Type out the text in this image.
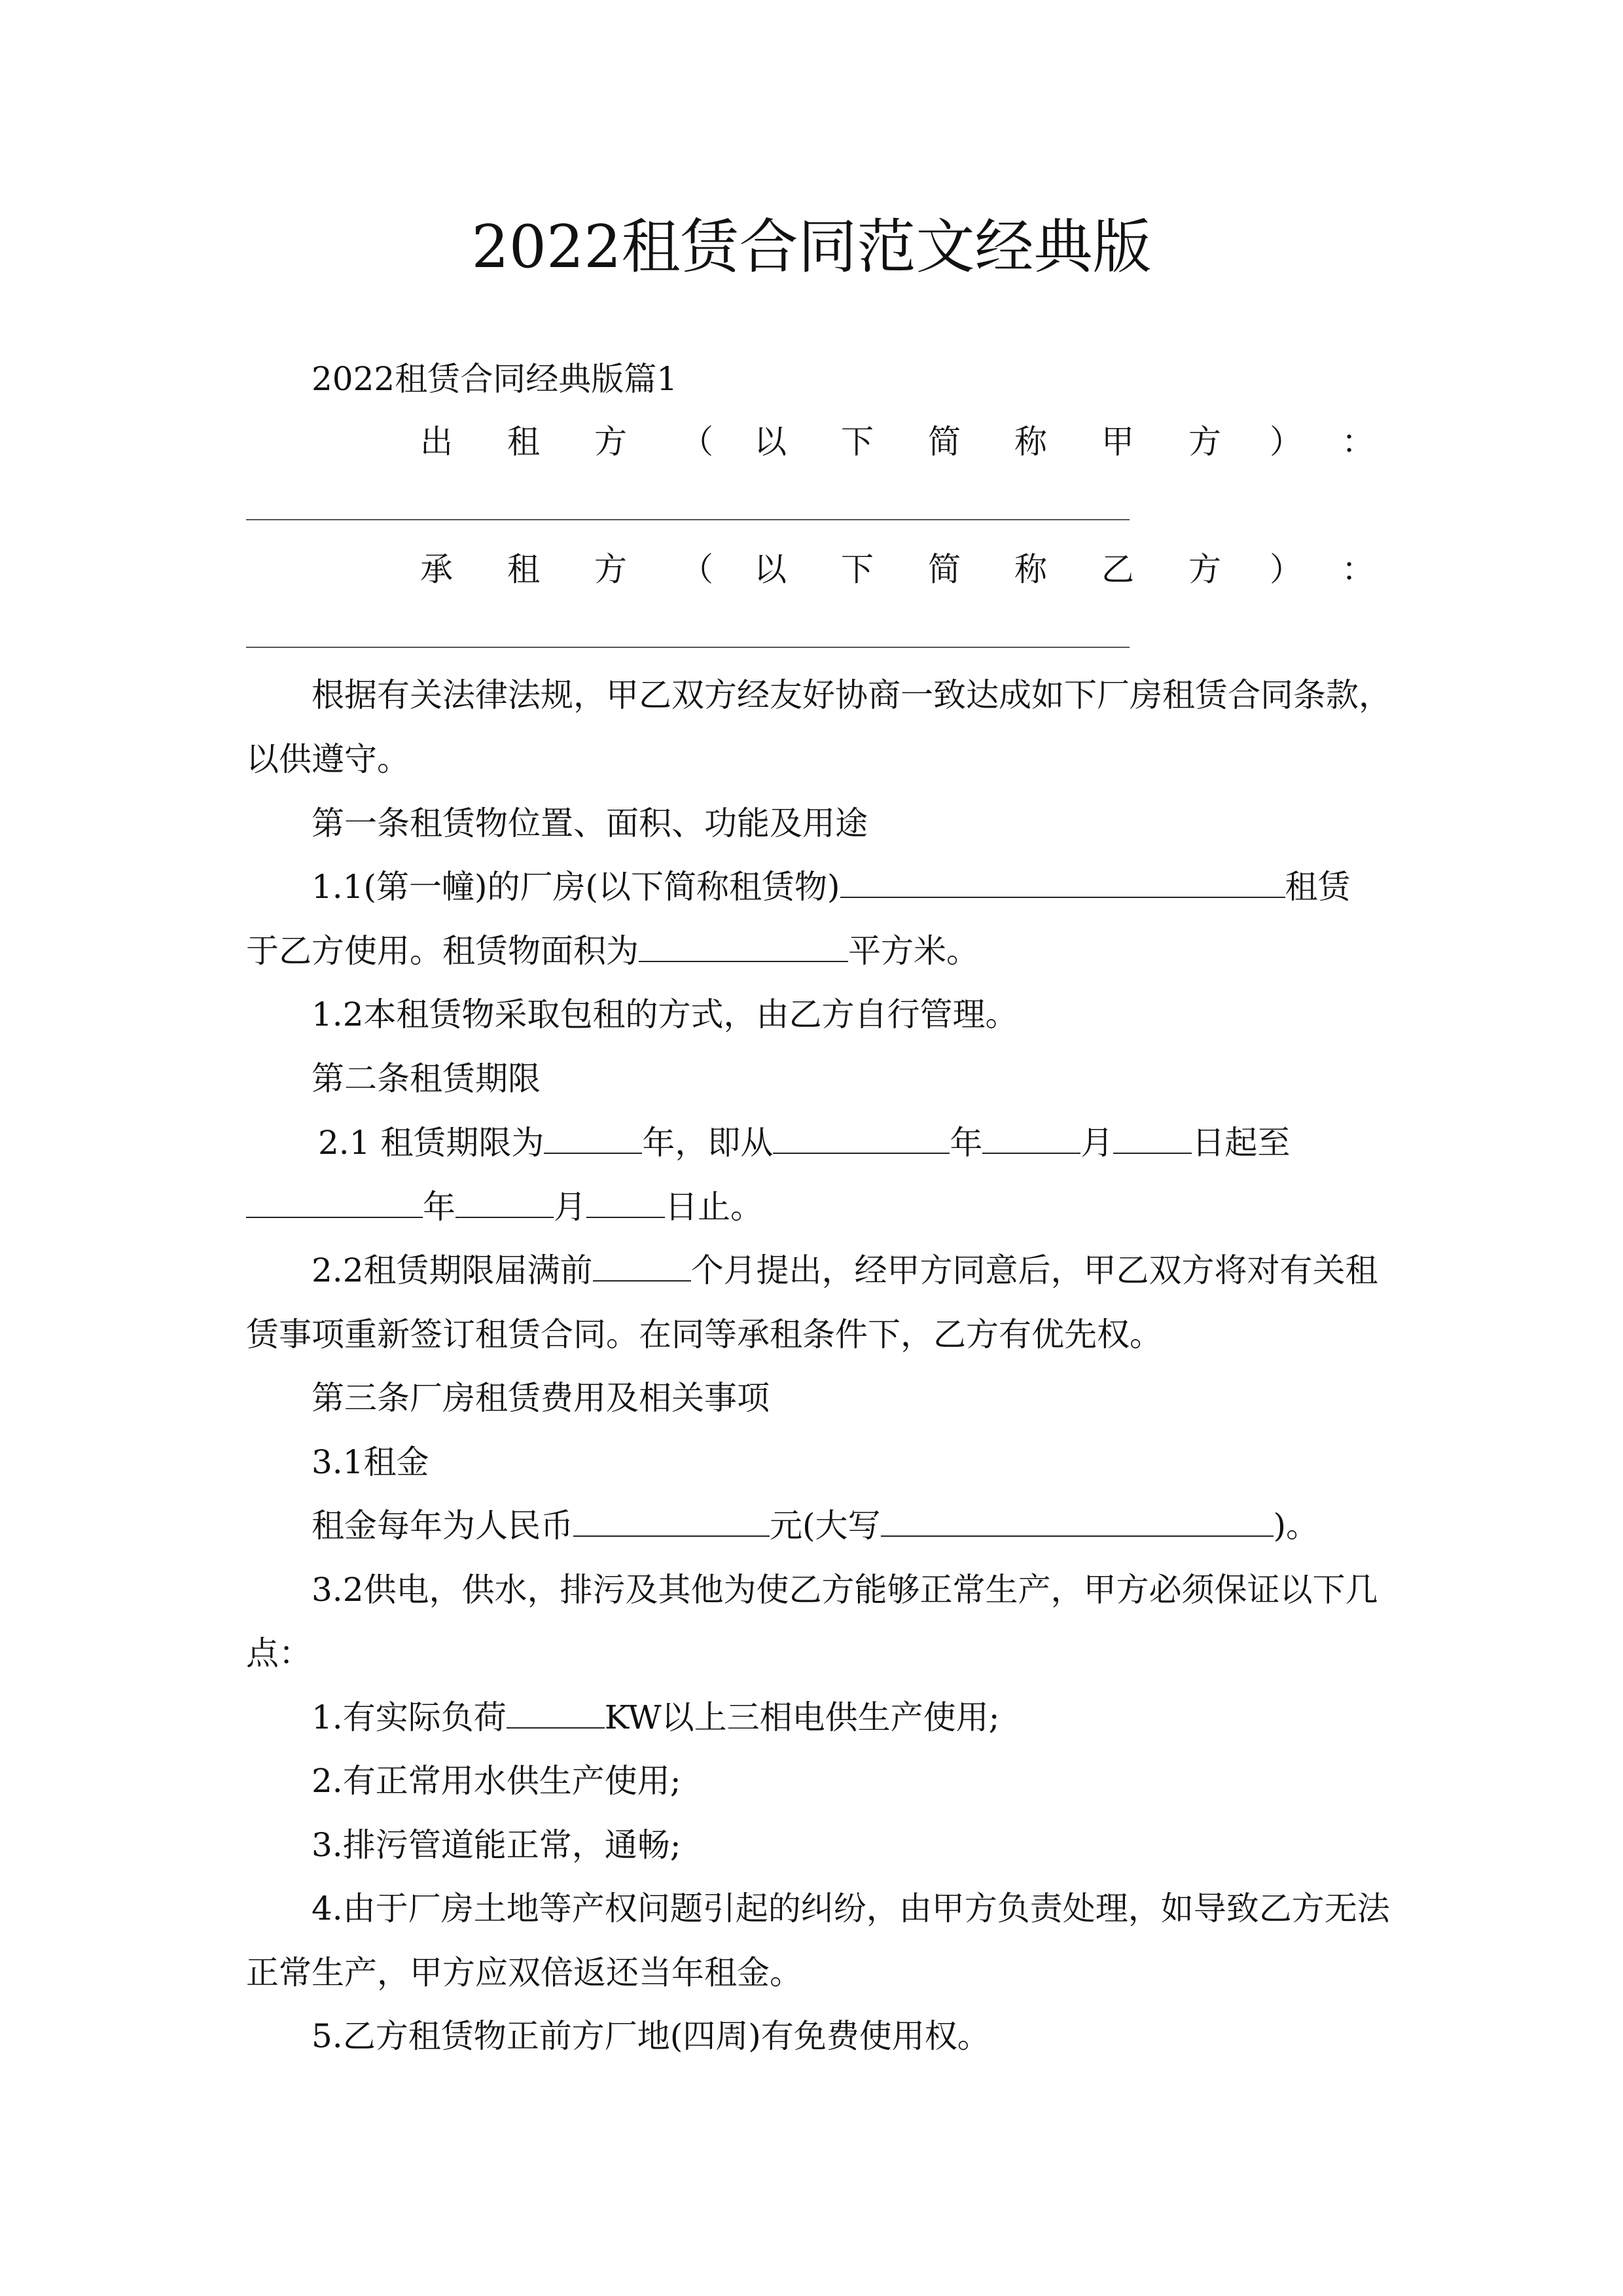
2022租赁合同范文经典版
2022租赁合同经典版篇1
出 租 方 （ 以 下 简 称 甲 方 ） ：
承 租 方 （ 以 下 简 称 乙 方 ） ：
根据有关法律法规，甲乙双方经友好协商一致达成如下厂房租赁合同条款，
以供遵守。
第一条租赁物位置、面积、功能及用途
1.1(第一幢)的厂房(以下简称租赁物)	租赁
于乙方使用。租赁物面积为	平方米。
1.2本租赁物采取包租的方式，由乙方自行管理。
第二条租赁期限
2.1 租赁期限为	年，即从	年	月 日起至
年	月 日止。
2.2租赁期限届满前	个月提出，经甲方同意后，甲乙双方将对有关租
赁事项重新签订租赁合同。在同等承租条件下，乙方有优先权。
第三条厂房租赁费用及相关事项
3.1租金
租金每年为人民币	元(大写	)。
3.2供电，供水，排污及其他为使乙方能够正常生产，甲方必须保证以下几
点：
1.有实际负荷	KW以上三相电供生产使用;
2.有正常用水供生产使用;
3.排污管道能正常，通畅;
4.由于厂房土地等产权问题引起的纠纷，由甲方负责处理，如导致乙方无法
正常生产，甲方应双倍返还当年租金。
5.乙方租赁物正前方厂地(四周)有免费使用权。
